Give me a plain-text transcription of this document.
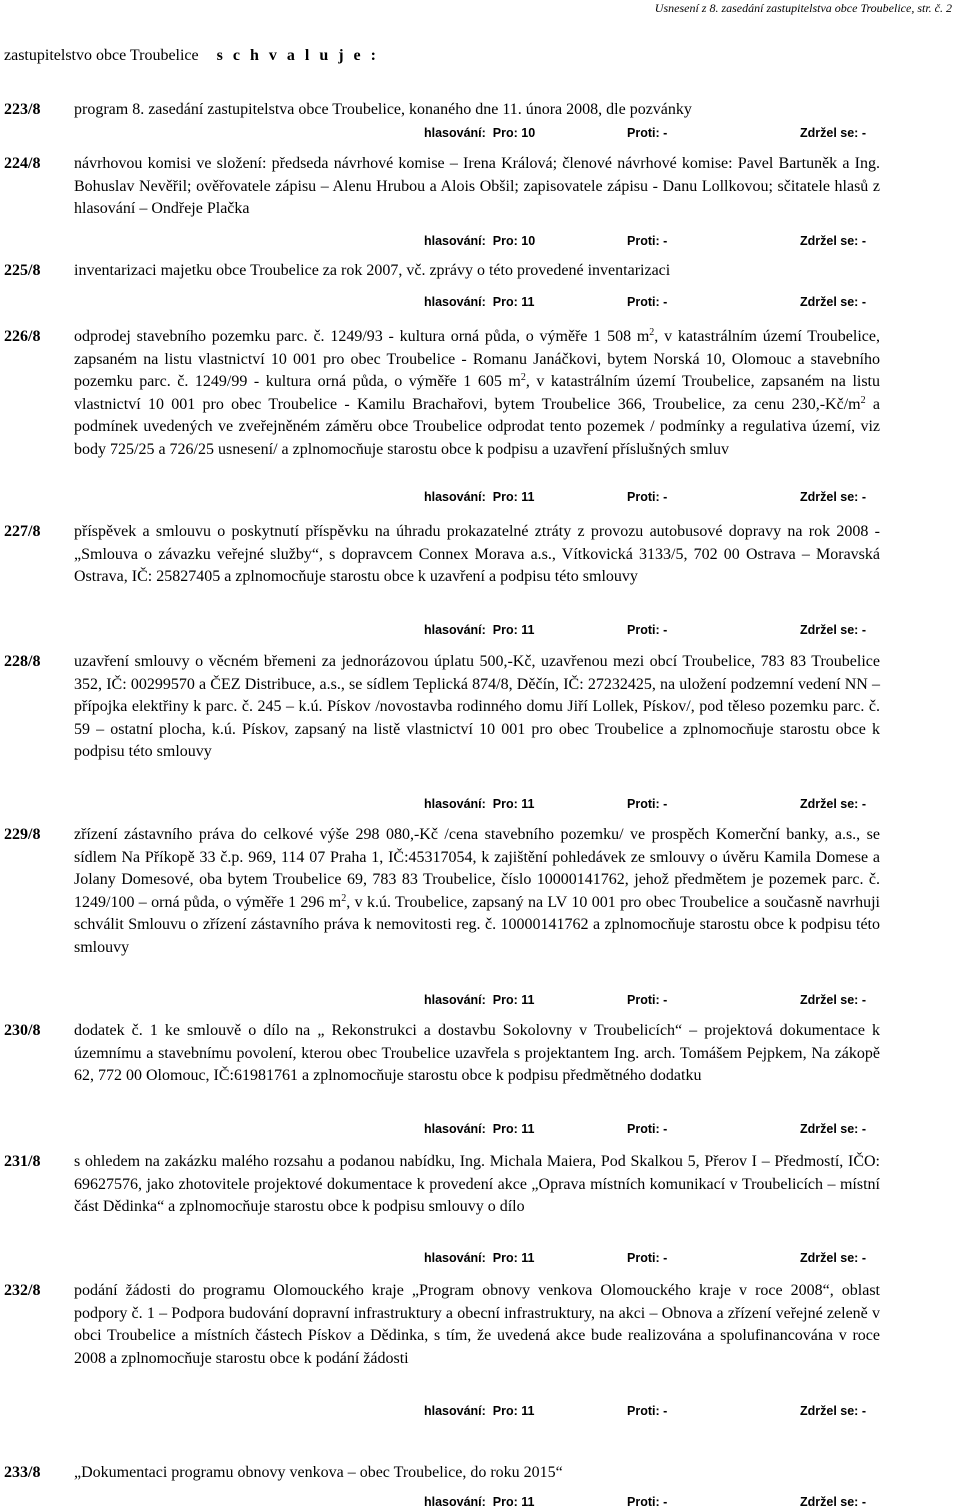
Usnesení z 8. zasedání zastupitelstva obce Troubelice, str. č. 2
zastupitelstvo obce Troubelice s c h v a l u j e :
223/8	program 8. zasedání zastupitelstva obce Troubelice, konaného dne 11. února 2008, dle pozvánky
hlasování: Pro: 10	Proti: -	Zdržel se: -
224/8	návrhovou komisi ve složení: předseda návrhové komise – Irena Králová; členové návrhové komise: Pavel Bartuněk a Ing. Bohuslav Nevěřil; ověřovatele zápisu – Alenu Hrubou a Alois Obšil; zapisovatele zápisu - Danu Lollkovou; sčitatele hlasů z hlasování – Ondřeje Plačka
hlasování: Pro: 10	Proti: -	Zdržel se: -
225/8	inventarizaci majetku obce Troubelice za rok 2007, vč. zprávy o této provedené inventarizaci
hlasování: Pro: 11	Proti: -	Zdržel se: -
226/8	odprodej stavebního pozemku parc. č. 1249/93 - kultura orná půda, o výměře 1 508 $m^2$, v katastrálním území Troubelice, zapsaném na listu vlastnictví 10 001 pro obec Troubelice - Romanu Janáčkovi, bytem Norská 10, Olomouc a stavebního pozemku parc. č. 1249/99 - kultura orná půda, o výměře 1 605 $m^2$, v katastrálním území Troubelice, zapsaném na listu vlastnictví 10 001 pro obec Troubelice - Kamilu Brachařovi, bytem Troubelice 366, Troubelice, za cenu $230,-Kč/m^2$ a podmínek uvedených ve zveřejněném záměru obce Troubelice odprodat tento pozemek / podmínky a regulativa území, viz body 725/25 a 726/25 usnesení/ a zplnomocňuje starostu obce k podpisu a uzavření příslušných smluv
hlasování: Pro: 11	Proti: -	Zdržel se: -
227/8	příspěvek a smlouvu o poskytnutí příspěvku na úhradu prokazatelné ztráty z provozu autobusové dopravy na rok 2008 - „Smlouva o závazku veřejné služby“, s dopravcem Connex Morava a.s., Vítkovická 3133/5, 702 00 Ostrava – Moravská Ostrava, IČ: 25827405 a zplnomocňuje starostu obce k uzavření a podpisu této smlouvy
hlasování: Pro: 11	Proti: -	Zdržel se: -
228/8	uzavření smlouvy o věcném břemeni za jednorázovou úplatu 500,-Kč, uzavřenou mezi obcí Troubelice, 783 83 Troubelice 352, IČ: 00299570 a ČEZ Distribuce, a.s., se sídlem Teplická 874/8, Děčín, IČ: 27232425, na uložení podzemní vedení NN – přípojka elektřiny k parc. č. 245 – k.ú. Pískov /novostavba rodinného domu Jiří Lollek, Pískov/, pod těleso pozemku parc. č. 59 – ostatní plocha, k.ú. Pískov, zapsaný na listě vlastnictví 10 001 pro obec Troubelice a zplnomocňuje starostu obce k podpisu této smlouvy
hlasování: Pro: 11	Proti: -	Zdržel se: -
229/8	zřízení zástavního práva do celkové výše 298 080,-Kč /cena stavebního pozemku/ ve prospěch Komerční banky, a.s., se sídlem Na Příkopě 33 č.p. 969, 114 07 Praha 1, IČ:45317054, k zajištění pohledávek ze smlouvy o úvěru Kamila Domese a Jolany Domesové, oba bytem Troubelice 69, 783 83 Troubelice, číslo 10000141762, jehož předmětem je pozemek parc. č. 1249/100 – orná půda, o výměře 1 296 $m^2$, v k.ú. Troubelice, zapsaný na LV 10 001 pro obec Troubelice a současně navrhuji schválit Smlouvu o zřízení zástavního práva k nemovitosti reg. č. 10000141762 a zplnomocňuje starostu obce k podpisu této smlouvy
hlasování: Pro: 11	Proti: -	Zdržel se: -
230/8	dodatek č. 1 ke smlouvě o dílo na „ Rekonstrukci a dostavbu Sokolovny v Troubelicích“ – projektová dokumentace k územnímu a stavebnímu povolení, kterou obec Troubelice uzavřela s projektantem Ing. arch. Tomášem Pejpkem, Na zákopě 62, 772 00 Olomouc, IČ:61981761 a zplnomocňuje starostu obce k podpisu předmětného dodatku
hlasování: Pro: 11	Proti: -	Zdržel se: -
231/8	s ohledem na zakázku malého rozsahu a podanou nabídku, Ing. Michala Maiera, Pod Skalkou 5, Přerov I – Předmostí, IČO: 69627576, jako zhotovitele projektové dokumentace k provedení akce „Oprava místních komunikací v Troubelicích – místní část Dědinka“ a zplnomocňuje starostu obce k podpisu smlouvy o dílo
hlasování: Pro: 11	Proti: -	Zdržel se: -
232/8	podání žádosti do programu Olomouckého kraje „Program obnovy venkova Olomouckého kraje v roce 2008“, oblast podpory č. 1 – Podpora budování dopravní infrastruktury a obecní infrastruktury, na akci – Obnova a zřízení veřejné zeleně v obci Troubelice a místních částech Pískov a Dědinka, s tím, že uvedená akce bude realizována a spolufinancována v roce 2008 a zplnomocňuje starostu obce k podání žádosti
hlasování: Pro: 11	Proti: -	Zdržel se: -
233/8	„Dokumentaci programu obnovy venkova – obec Troubelice, do roku 2015“
hlasování: Pro: 11	Proti: -	Zdržel se: -
